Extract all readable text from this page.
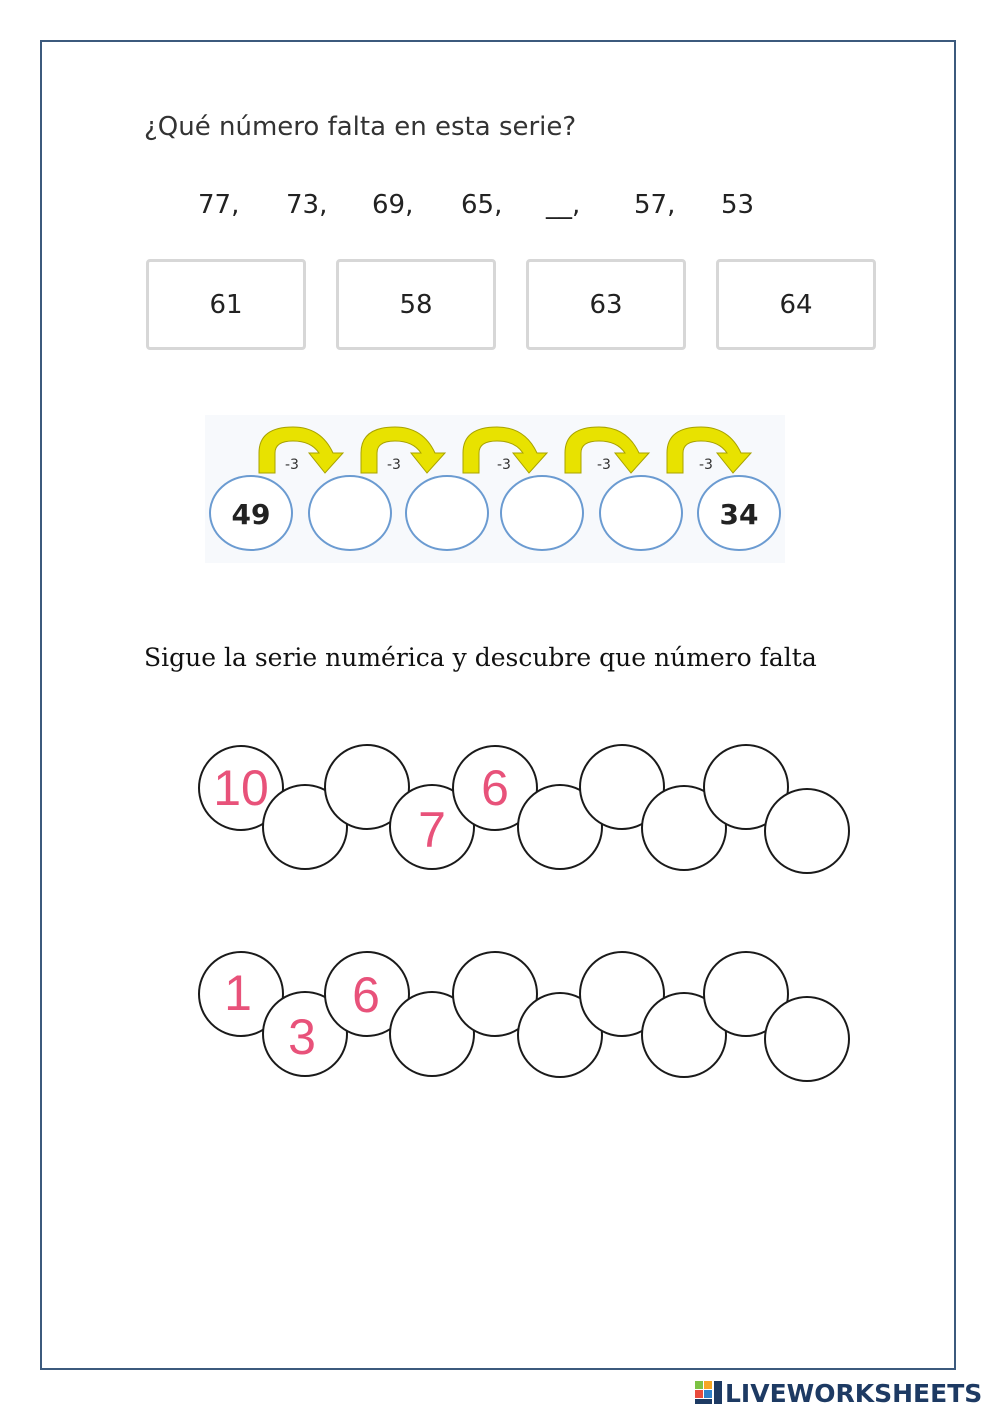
¿Qué número falta en esta serie?
77, 73, 69, 65, __, 57, 53
61	58	63	64
-3	-3	-3	-3	-3
49	34
Sigue la serie numérica y descubre que número falta
10
7
6
1
3
6
LIVEWORKSHEETS
